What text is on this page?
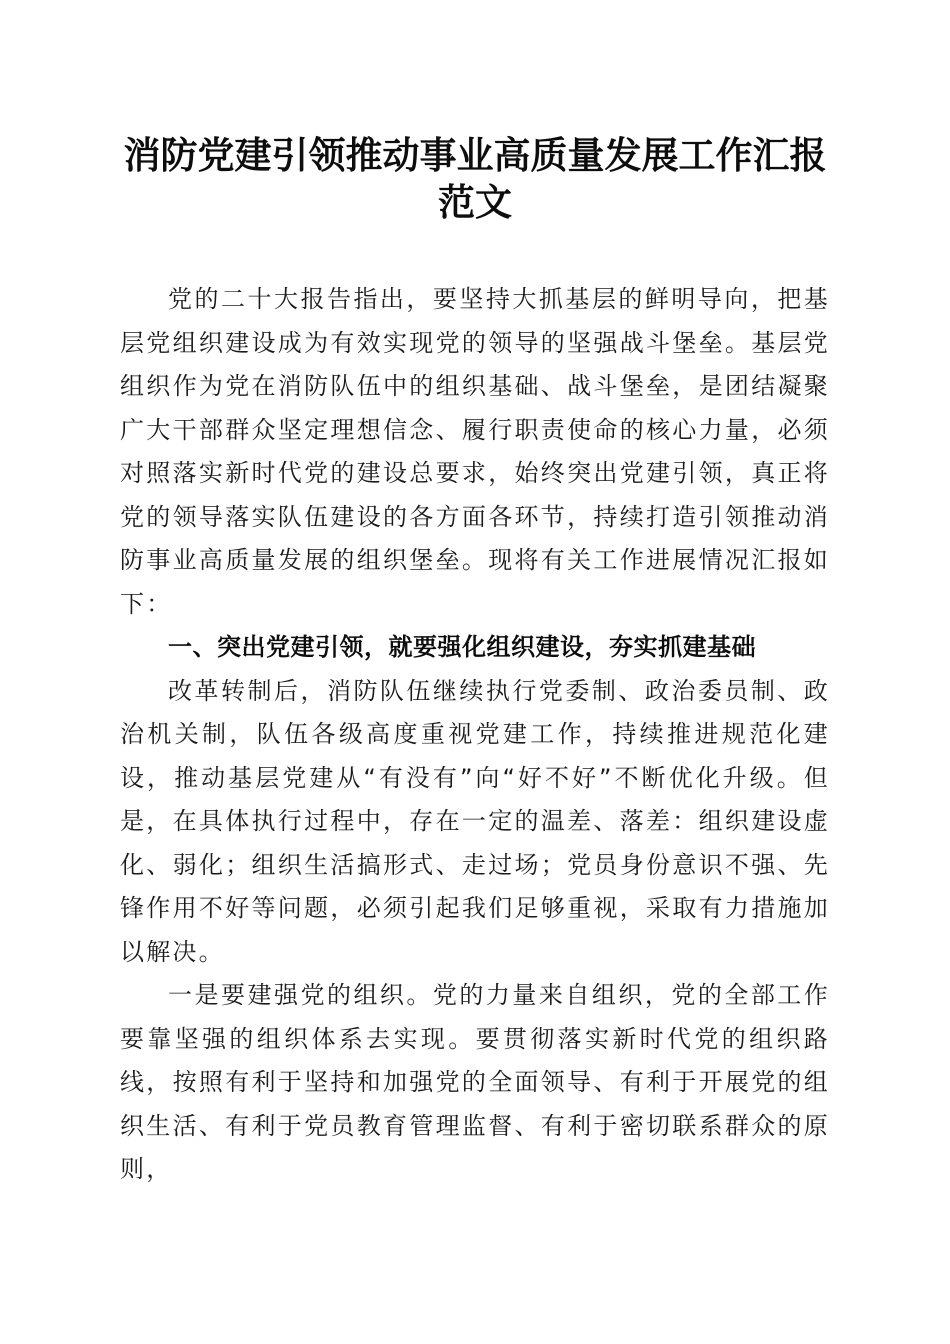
消防党建引领推动事业高质量发展工作汇报范文

党的二十大报告指出，要坚持大抓基层的鲜明导向，把基层党组织建设成为有效实现党的领导的坚强战斗堡垒。基层党组织作为党在消防队伍中的组织基础、战斗堡垒，是团结凝聚广大干部群众坚定理想信念、履行职责使命的核心力量，必须对照落实新时代党的建设总要求，始终突出党建引领，真正将党的领导落实队伍建设的各方面各环节，持续打造引领推动消防事业高质量发展的组织堡垒。现将有关工作进展情况汇报如下：

一、突出党建引领，就要强化组织建设，夯实抓建基础

改革转制后，消防队伍继续执行党委制、政治委员制、政治机关制，队伍各级高度重视党建工作，持续推进规范化建设，推动基层党建从“有没有”向“好不好”不断优化升级。但是，在具体执行过程中，存在一定的温差、落差：组织建设虚化、弱化；组织生活搞形式、走过场；党员身份意识不强、先锋作用不好等问题，必须引起我们足够重视，采取有力措施加以解决。

一是要建强党的组织。党的力量来自组织，党的全部工作要靠坚强的组织体系去实现。要贯彻落实新时代党的组织路线，按照有利于坚持和加强党的全面领导、有利于开展党的组织生活、有利于党员教育管理监督、有利于密切联系群众的原则，
